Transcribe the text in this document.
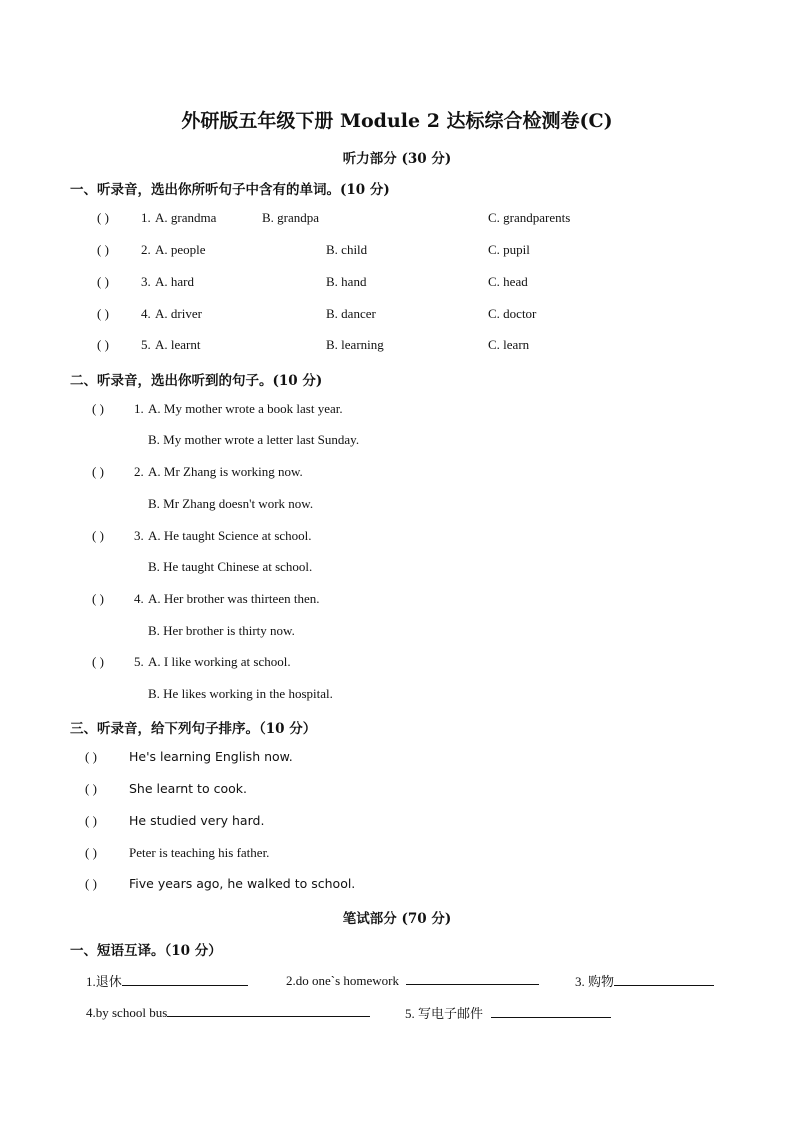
外研版五年级下册 Module 2 达标综合检测卷(C)
听力部分 (30 分)
一、听录音，选出你所听句子中含有的单词。(10 分)
( ) 1. A. grandma	B. grandpa	C. grandparents
( ) 2. A. people	B. child	C. pupil
( ) 3. A. hard	B. hand	C. head
( ) 4. A. driver	B. dancer	C. doctor
( ) 5. A. learnt	B. learning	C. learn
二、听录音，选出你听到的句子。(10 分)
( ) 1. A. My mother wrote a book last year.
B. My mother wrote a letter last Sunday.
( ) 2. A. Mr Zhang is working now.
B. Mr Zhang doesn't work now.
( ) 3. A. He taught Science at school.
B. He taught Chinese at school.
( ) 4. A. Her brother was thirteen then.
B. Her brother is thirty now.
( ) 5. A. I like working at school.
B. He likes working in the hospital.
三、听录音，给下列句子排序。（10 分）
( )	He's learning English now.
( )	She learnt to cook.
( )	He studied very hard.
( ) Peter is teaching his father.
( )	Five years ago, he walked to school.
笔试部分 (70 分)
一、短语互译。（10 分）
1.退休	2.do one`s homework	3. 购物
4.by school bus	5. 写电子邮件
